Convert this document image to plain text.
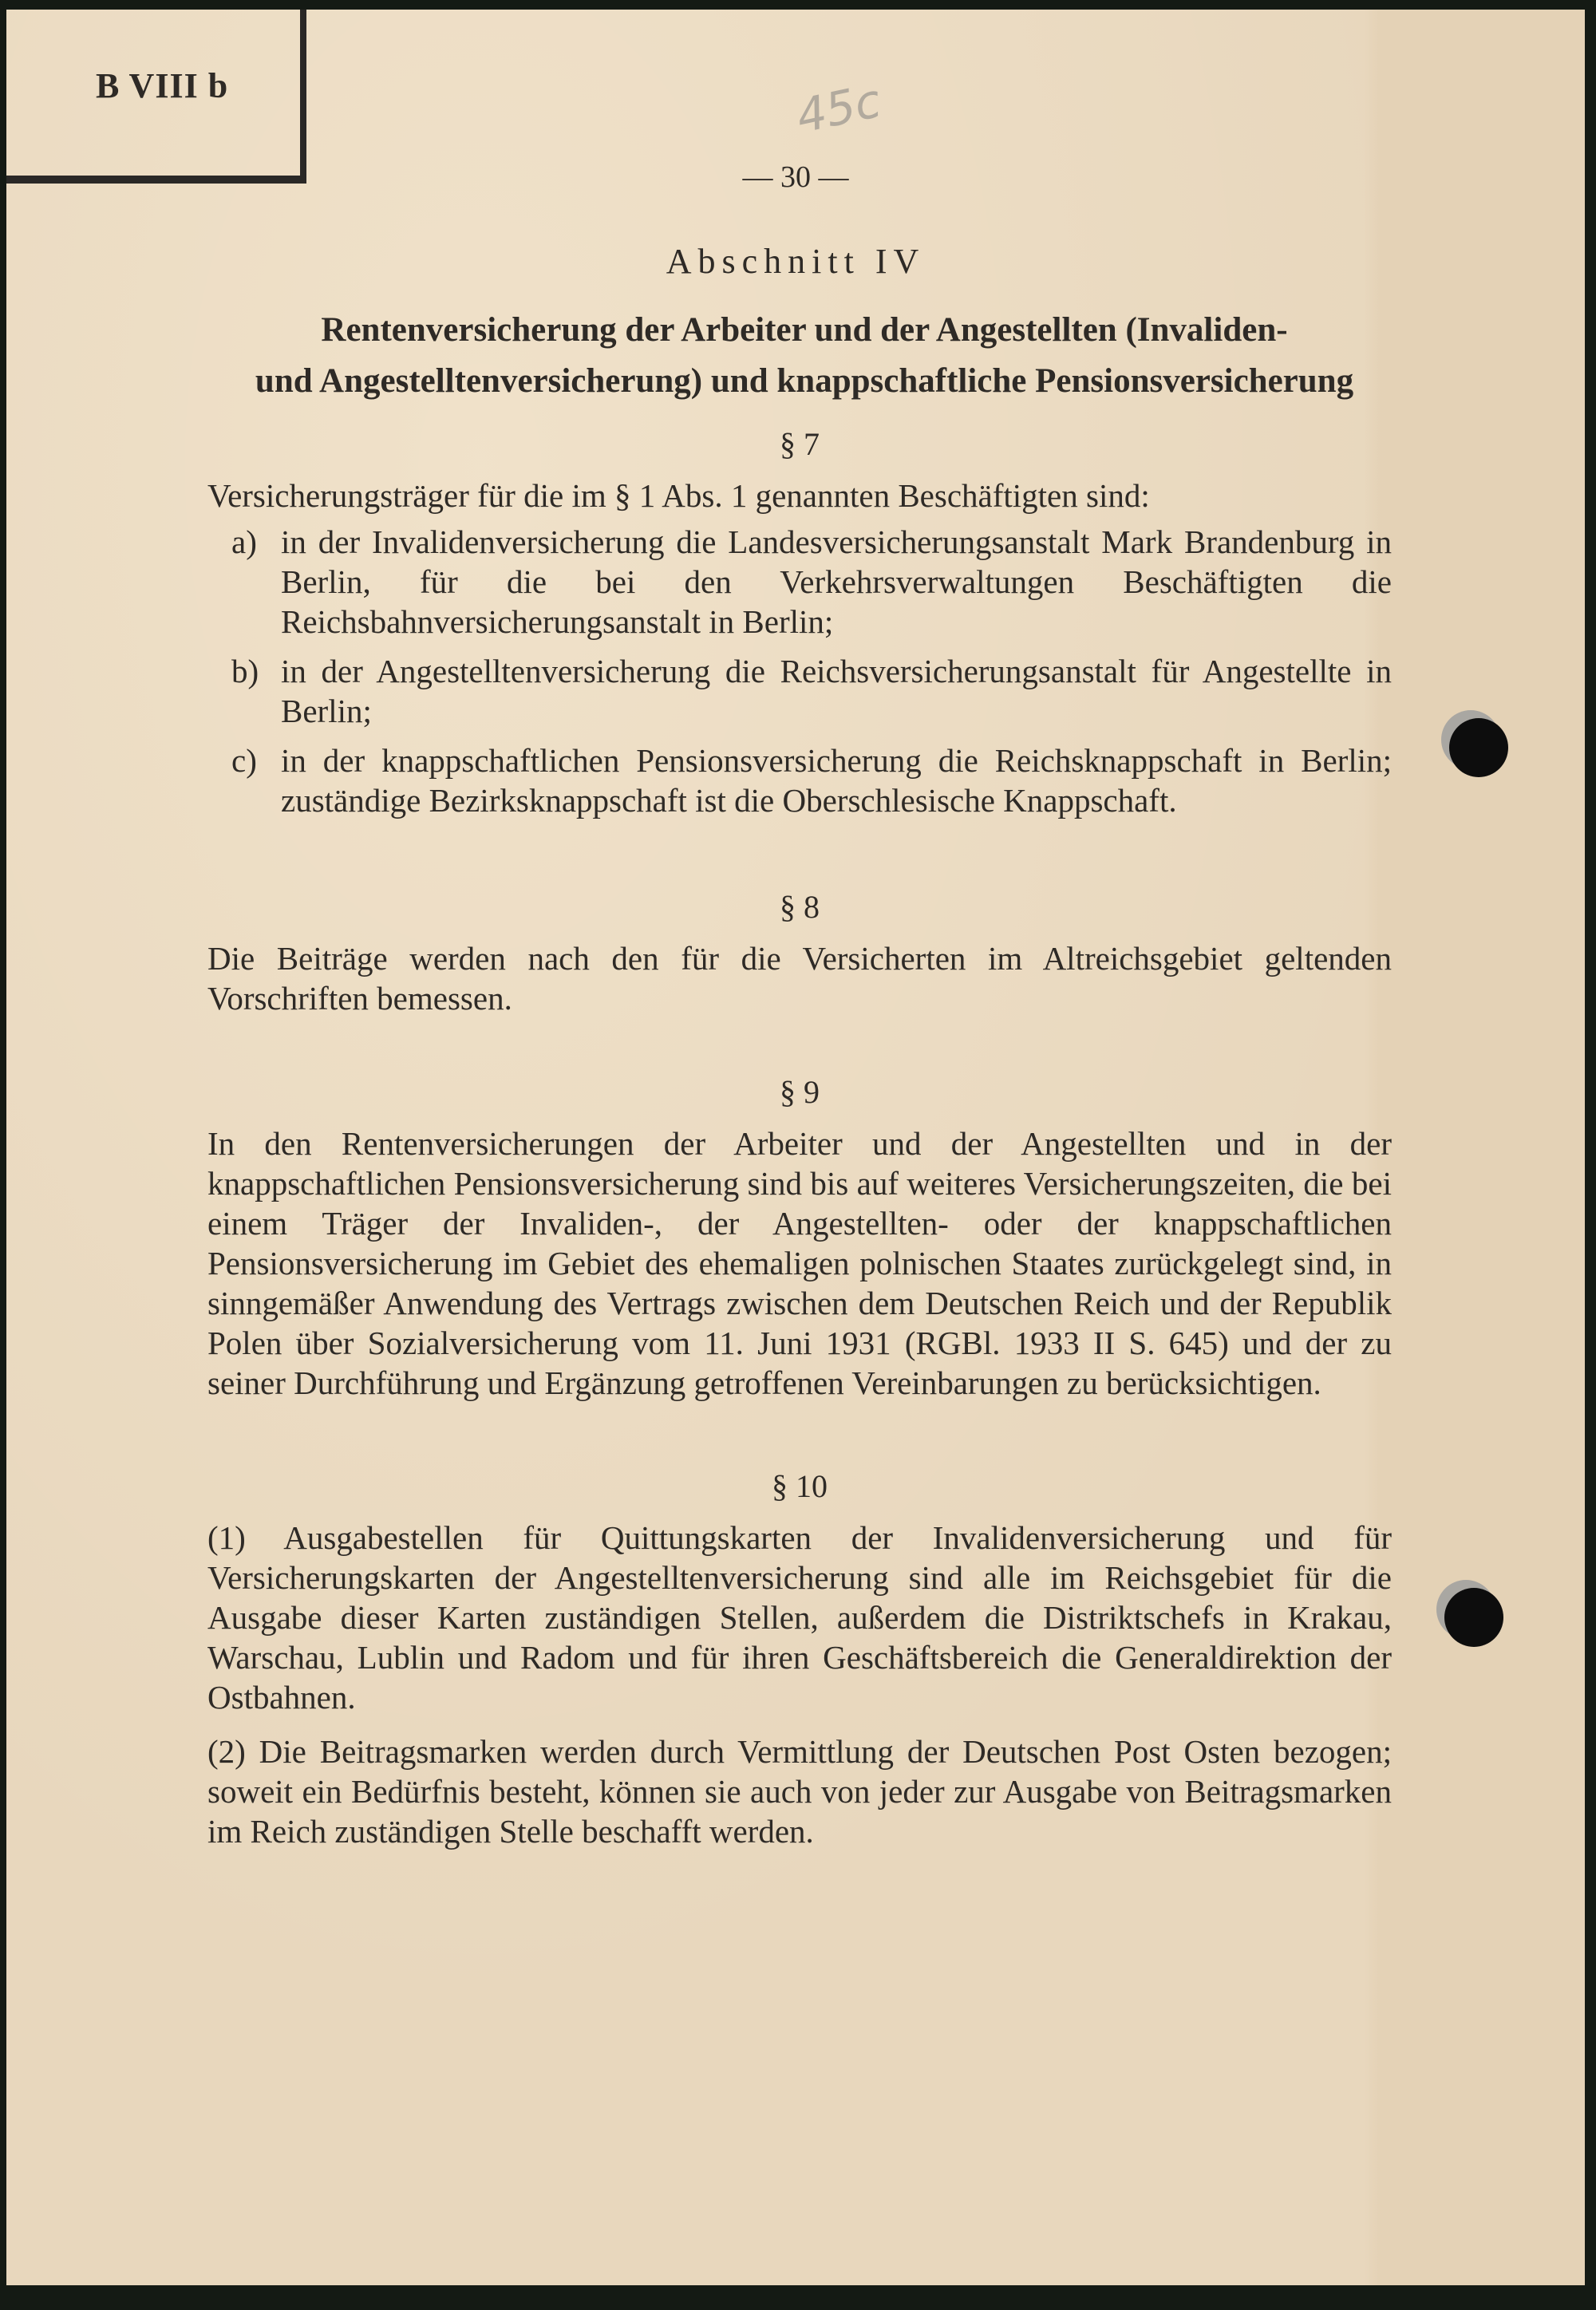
B VIII b	45c
— 30 —
Abschnitt IV
Rentenversicherung der Arbeiter und der Angestellten (Invaliden-
und Angestelltenversicherung) und knappschaftliche Pensionsversicherung
§ 7

Versicherungsträger für die im § 1 Abs. 1 genannten Beschäftigten sind:

a) in der Invalidenversicherung die Landesversicherungsanstalt Mark Brandenburg in Berlin, für die bei den Verkehrsverwaltungen Beschäftigten die Reichsbahnversicherungsanstalt in Berlin;
b) in der Angestelltenversicherung die Reichsversicherungsanstalt für Angestellte in Berlin;
c) in der knappschaftlichen Pensionsversicherung die Reichsknappschaft in Berlin; zuständige Bezirksknappschaft ist die Oberschlesische Knappschaft.
§ 8

Die Beiträge werden nach den für die Versicherten im Altreichsgebiet geltenden Vorschriften bemessen.

§ 9

In den Rentenversicherungen der Arbeiter und der Angestellten und in der knappschaftlichen Pensionsversicherung sind bis auf weiteres Versicherungszeiten, die bei einem Träger der Invaliden-, der Angestellten- oder der knappschaftlichen Pensionsversicherung im Gebiet des ehemaligen polnischen Staates zurückgelegt sind, in sinngemäßer Anwendung des Vertrags zwischen dem Deutschen Reich und der Republik Polen über Sozialversicherung vom 11. Juni 1931 (RGBl. 1933 II S. 645) und der zu seiner Durchführung und Ergänzung getroffenen Vereinbarungen zu berücksichtigen.

§ 10

(1) Ausgabestellen für Quittungskarten der Invalidenversicherung und für Versicherungskarten der Angestelltenversicherung sind alle im Reichsgebiet für die Ausgabe dieser Karten zuständigen Stellen, außerdem die Distriktschefs in Krakau, Warschau, Lublin und Radom und für ihren Geschäftsbereich die Generaldirektion der Ostbahnen.

(2) Die Beitragsmarken werden durch Vermittlung der Deutschen Post Osten bezogen; soweit ein Bedürfnis besteht, können sie auch von jeder zur Ausgabe von Beitragsmarken im Reich zuständigen Stelle beschafft werden.
